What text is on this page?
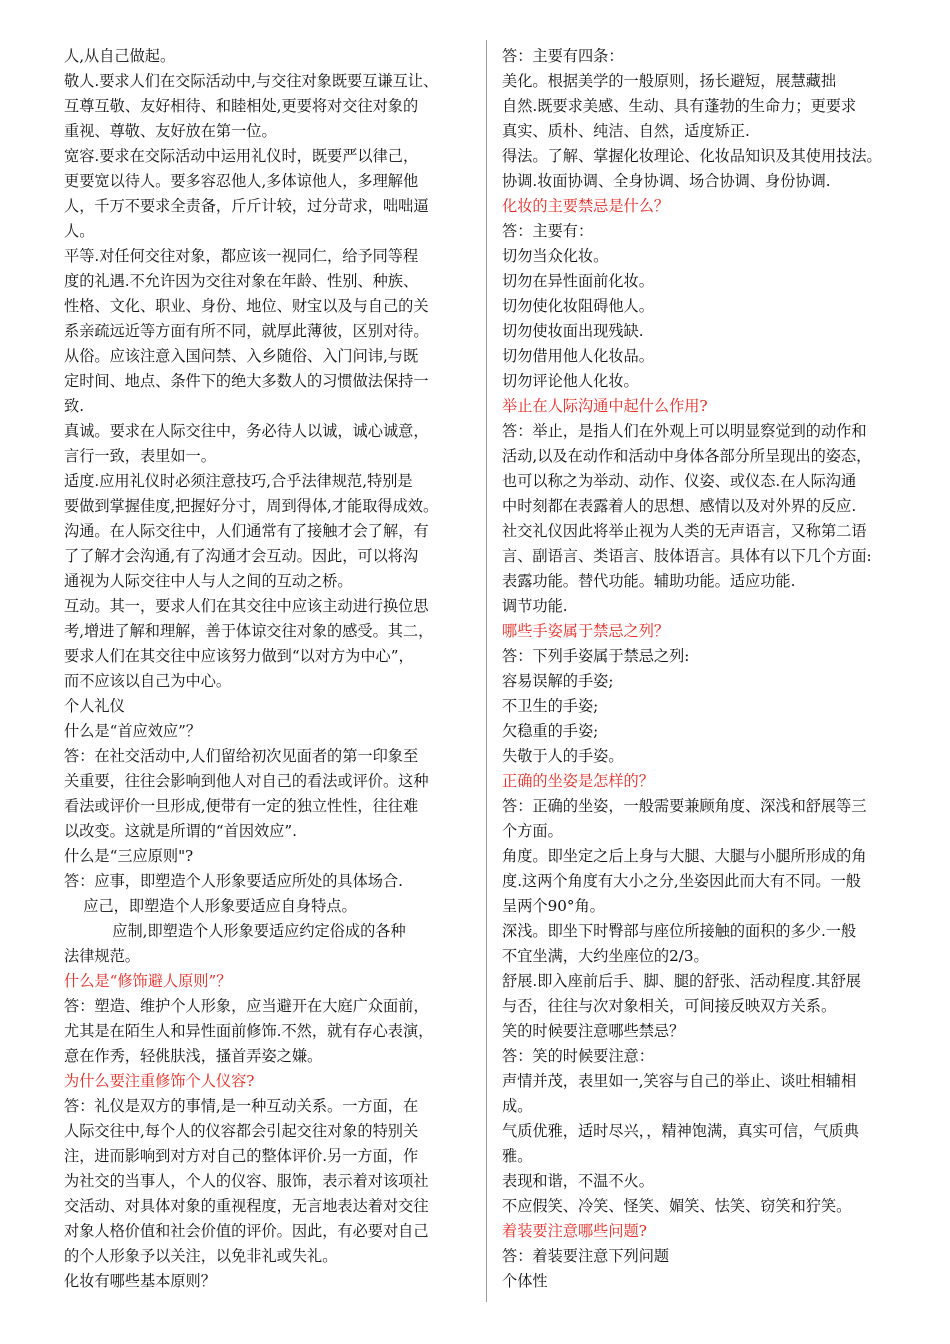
人,从自己做起。
敬人.要求人们在交际活动中,与交往对象既要互谦互让、
互尊互敬、友好相待、和睦相处,更要将对交往对象的
重视、尊敬、友好放在第一位。
宽容.要求在交际活动中运用礼仪时，既要严以律己，
更要宽以待人。要多容忍他人,多体谅他人，多理解他
人，千万不要求全责备，斤斤计较，过分苛求，咄咄逼
人。
平等.对任何交往对象，都应该一视同仁，给予同等程
度的礼遇.不允许因为交往对象在年龄、性别、种族、
性格、文化、职业、身份、地位、财宝以及与自己的关
系亲疏远近等方面有所不同，就厚此薄彼，区别对待。
从俗。应该注意入国问禁、入乡随俗、入门问讳,与既
定时间、地点、条件下的绝大多数人的习惯做法保持一
致.
真诚。要求在人际交往中，务必待人以诚，诚心诚意，
言行一致，表里如一。
适度.应用礼仪时必须注意技巧,合乎法律规范,特别是
要做到掌握佳度,把握好分寸，周到得体,才能取得成效。
沟通。在人际交往中，人们通常有了接触才会了解，有
了了解才会沟通,有了沟通才会互动。因此，可以将沟
通视为人际交往中人与人之间的互动之桥。
互动。其一，要求人们在其交往中应该主动进行换位思
考,增进了解和理解，善于体谅交往对象的感受。其二，
要求人们在其交往中应该努力做到“以对方为中心”，
而不应该以自己为中心。
个人礼仪
什么是“首应效应”？
答：在社交活动中,人们留给初次见面者的第一印象至
关重要，往往会影响到他人对自己的看法或评价。这种
看法或评价一旦形成,便带有一定的独立性性，往往难
以改变。这就是所谓的“首因效应”.
什么是“三应原则"?
答：应事，即塑造个人形象要适应所处的具体场合.
应己，即塑造个人形象要适应自身特点。
应制,即塑造个人形象要适应约定俗成的各种
法律规范。
什么是“修饰避人原则”？
答：塑造、维护个人形象，应当避开在大庭广众面前，
尤其是在陌生人和异性面前修饰.不然，就有存心表演，
意在作秀，轻佻肤浅，搔首弄姿之嫌。
为什么要注重修饰个人仪容?
答：礼仪是双方的事情,是一种互动关系。一方面，在
人际交往中,每个人的仪容都会引起交往对象的特别关
注，进而影响到对方对自己的整体评价.另一方面，作
为社交的当事人，个人的仪容、服饰，表示着对该项社
交活动、对具体对象的重视程度，无言地表达着对交往
对象人格价值和社会价值的评价。因此，有必要对自己
的个人形象予以关注，以免非礼或失礼。
化妆有哪些基本原则？
答：主要有四条：
美化。根据美学的一般原则，扬长避短，展慧藏拙
自然.既要求美感、生动、具有蓬勃的生命力；更要求
真实、质朴、纯洁、自然，适度矫正.
得法。了解、掌握化妆理论、化妆品知识及其使用技法。
协调.妆面协调、全身协调、场合协调、身份协调.
化妆的主要禁忌是什么？
答：主要有：
切勿当众化妆。
切勿在异性面前化妆。
切勿使化妆阻碍他人。
切勿使妆面出现残缺.
切勿借用他人化妆品。
切勿评论他人化妆。
举止在人际沟通中起什么作用?
答：举止，是指人们在外观上可以明显察觉到的动作和
活动,以及在动作和活动中身体各部分所呈现出的姿态，
也可以称之为举动、动作、仪姿、或仪态.在人际沟通
中时刻都在表露着人的思想、感情以及对外界的反应.
社交礼仪因此将举止视为人类的无声语言，又称第二语
言、副语言、类语言、肢体语言。具体有以下几个方面:
表露功能。替代功能。辅助功能。适应功能.
调节功能.
哪些手姿属于禁忌之列？
答：下列手姿属于禁忌之列:
容易误解的手姿;
不卫生的手姿;
欠稳重的手姿;
失敬于人的手姿。
正确的坐姿是怎样的？
答：正确的坐姿，一般需要兼顾角度、深浅和舒展等三
个方面。
角度。即坐定之后上身与大腿、大腿与小腿所形成的角
度.这两个角度有大小之分,坐姿因此而大有不同。一般
呈两个90°角。
深浅。即坐下时臀部与座位所接触的面积的多少.一般
不宜坐满，大约坐座位的2/3。
舒展.即入座前后手、脚、腿的舒张、活动程度.其舒展
与否，往往与次对象相关，可间接反映双方关系。
笑的时候要注意哪些禁忌？
答：笑的时候要注意：
声情并茂，表里如一,笑容与自己的举止、谈吐相辅相
成。
气质优雅，适时尽兴，，精神饱满，真实可信，气质典
雅。
表现和谐，不温不火。
不应假笑、冷笑、怪笑、媚笑、怯笑、窃笑和狞笑。
着装要注意哪些问题?
答：着装要注意下列问题
个体性
